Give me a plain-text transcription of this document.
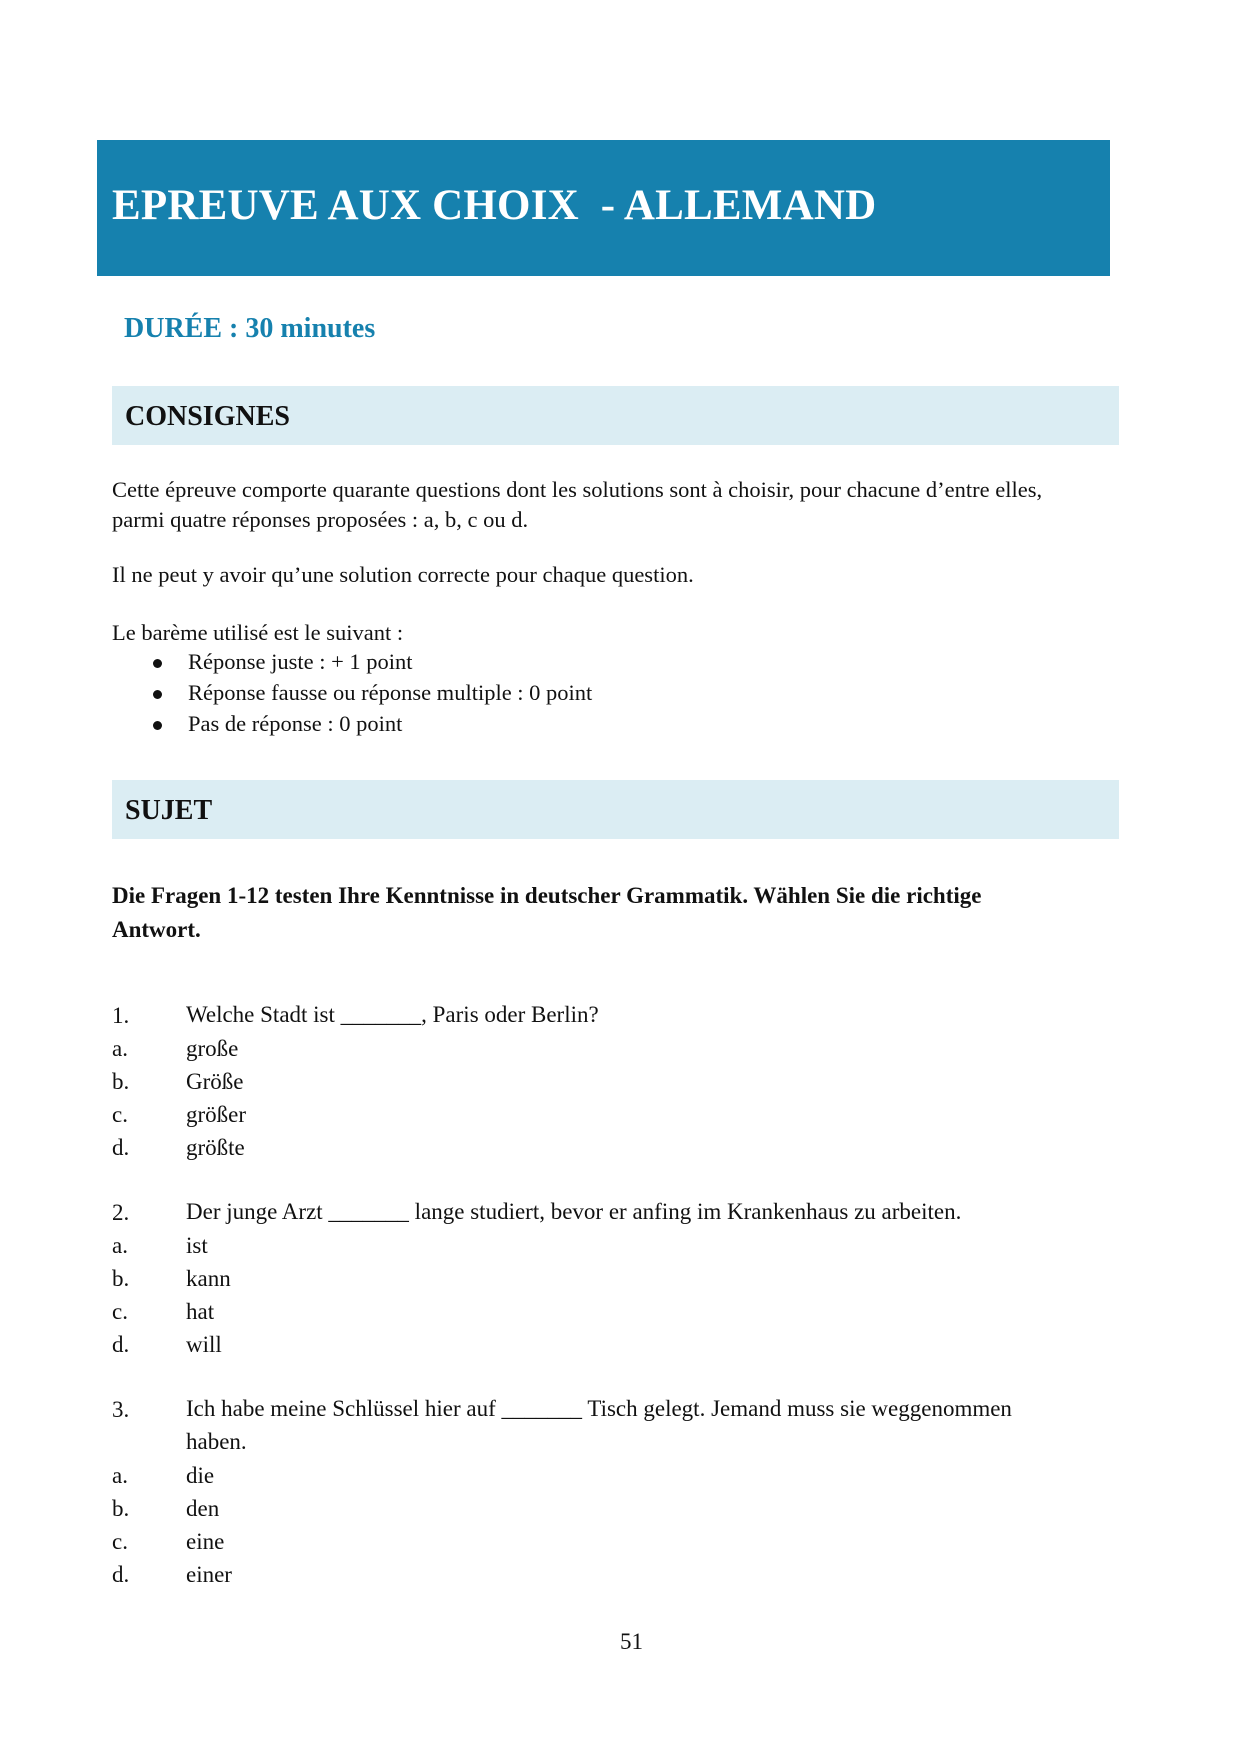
EPREUVE AUX CHOIX  - ALLEMAND
DURÉE : 30 minutes
CONSIGNES
Cette épreuve comporte quarante questions dont les solutions sont à choisir, pour chacune d’entre elles,
parmi quatre réponses proposées : a, b, c ou d.
Il ne peut y avoir qu’une solution correcte pour chaque question.
Le barème utilisé est le suivant :
Réponse juste : + 1 point
Réponse fausse ou réponse multiple : 0 point
Pas de réponse : 0 point
SUJET
Die Fragen 1-12 testen Ihre Kenntnisse in deutscher Grammatik. Wählen Sie die richtige
Antwort.
1. Welche Stadt ist _______, Paris oder Berlin?
a.	große
b. Größe
c.	größer
d. größte
2. Der junge Arzt _______ lange studiert, bevor er anfing im Krankenhaus zu arbeiten.
a.	ist
b. kann
c.	hat
d. will
3. Ich habe meine Schlüssel hier auf _______ Tisch gelegt. Jemand muss sie weggenommen
haben.
a.	die
b. den
c.	eine
d. einer
51
